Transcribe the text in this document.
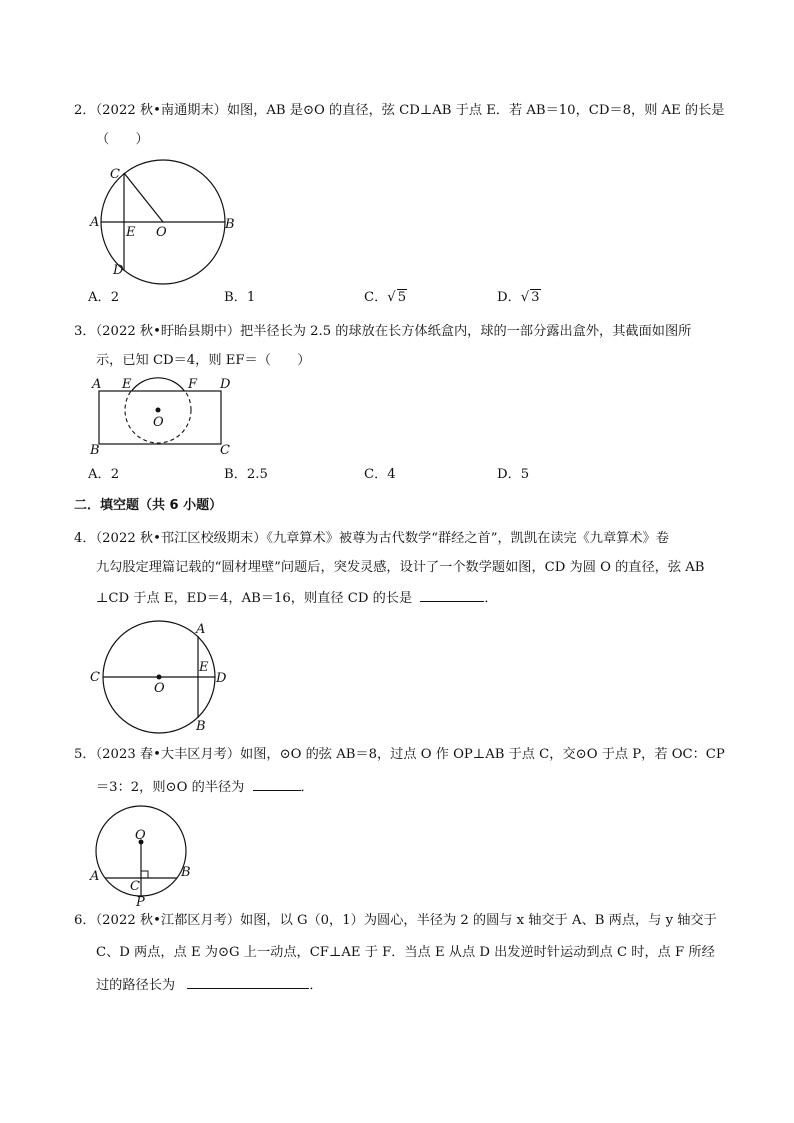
2．（2022 秋•南通期末）如图，AB 是⊙O 的直径，弦 CD⊥AB 于点 E．若 AB＝10，CD＝8，则 AE 的长是
（　　）
C
A
E O
B
D
A．2	B．1	C．√ 5	D．√ 3
3．（2022 秋•盱眙县期中）把半径长为 2.5 的球放在长方体纸盒内，球的一部分露出盒外，其截面如图所
示，已知 CD＝4，则 EF＝（　　）
A E	F D
O
B	C
A．2	B．2.5	C．4	D．5
二．填空题（共 6 小题）
4．（2022 秋•邗江区校级期末）《九章算术》被尊为古代数学“群经之首”，凯凯在读完《九章算术》卷
九勾股定理篇记载的“圆材埋壁”问题后，突发灵感，设计了一个数学题如图，CD 为圆 O 的直径，弦 AB
⊥CD 于点 E，ED＝4，AB＝16，则直径 CD 的长是	．
A
C
O
E
D
B
5．（2023 春•大丰区月考）如图，⊙O 的弦 AB＝8，过点 O 作 OP⊥AB 于点 C，交⊙O 于点 P，若 OC：CP
＝3：2，则⊙O 的半径为	．
O
A
C
B
P
6．（2022 秋•江都区月考）如图，以 G（0，1）为圆心，半径为 2 的圆与 x 轴交于 A、B 两点，与 y 轴交于
C、D 两点，点 E 为⊙G 上一动点，CF⊥AE 于 F．当点 E 从点 D 出发逆时针运动到点 C 时，点 F 所经
过的路径长为	．
